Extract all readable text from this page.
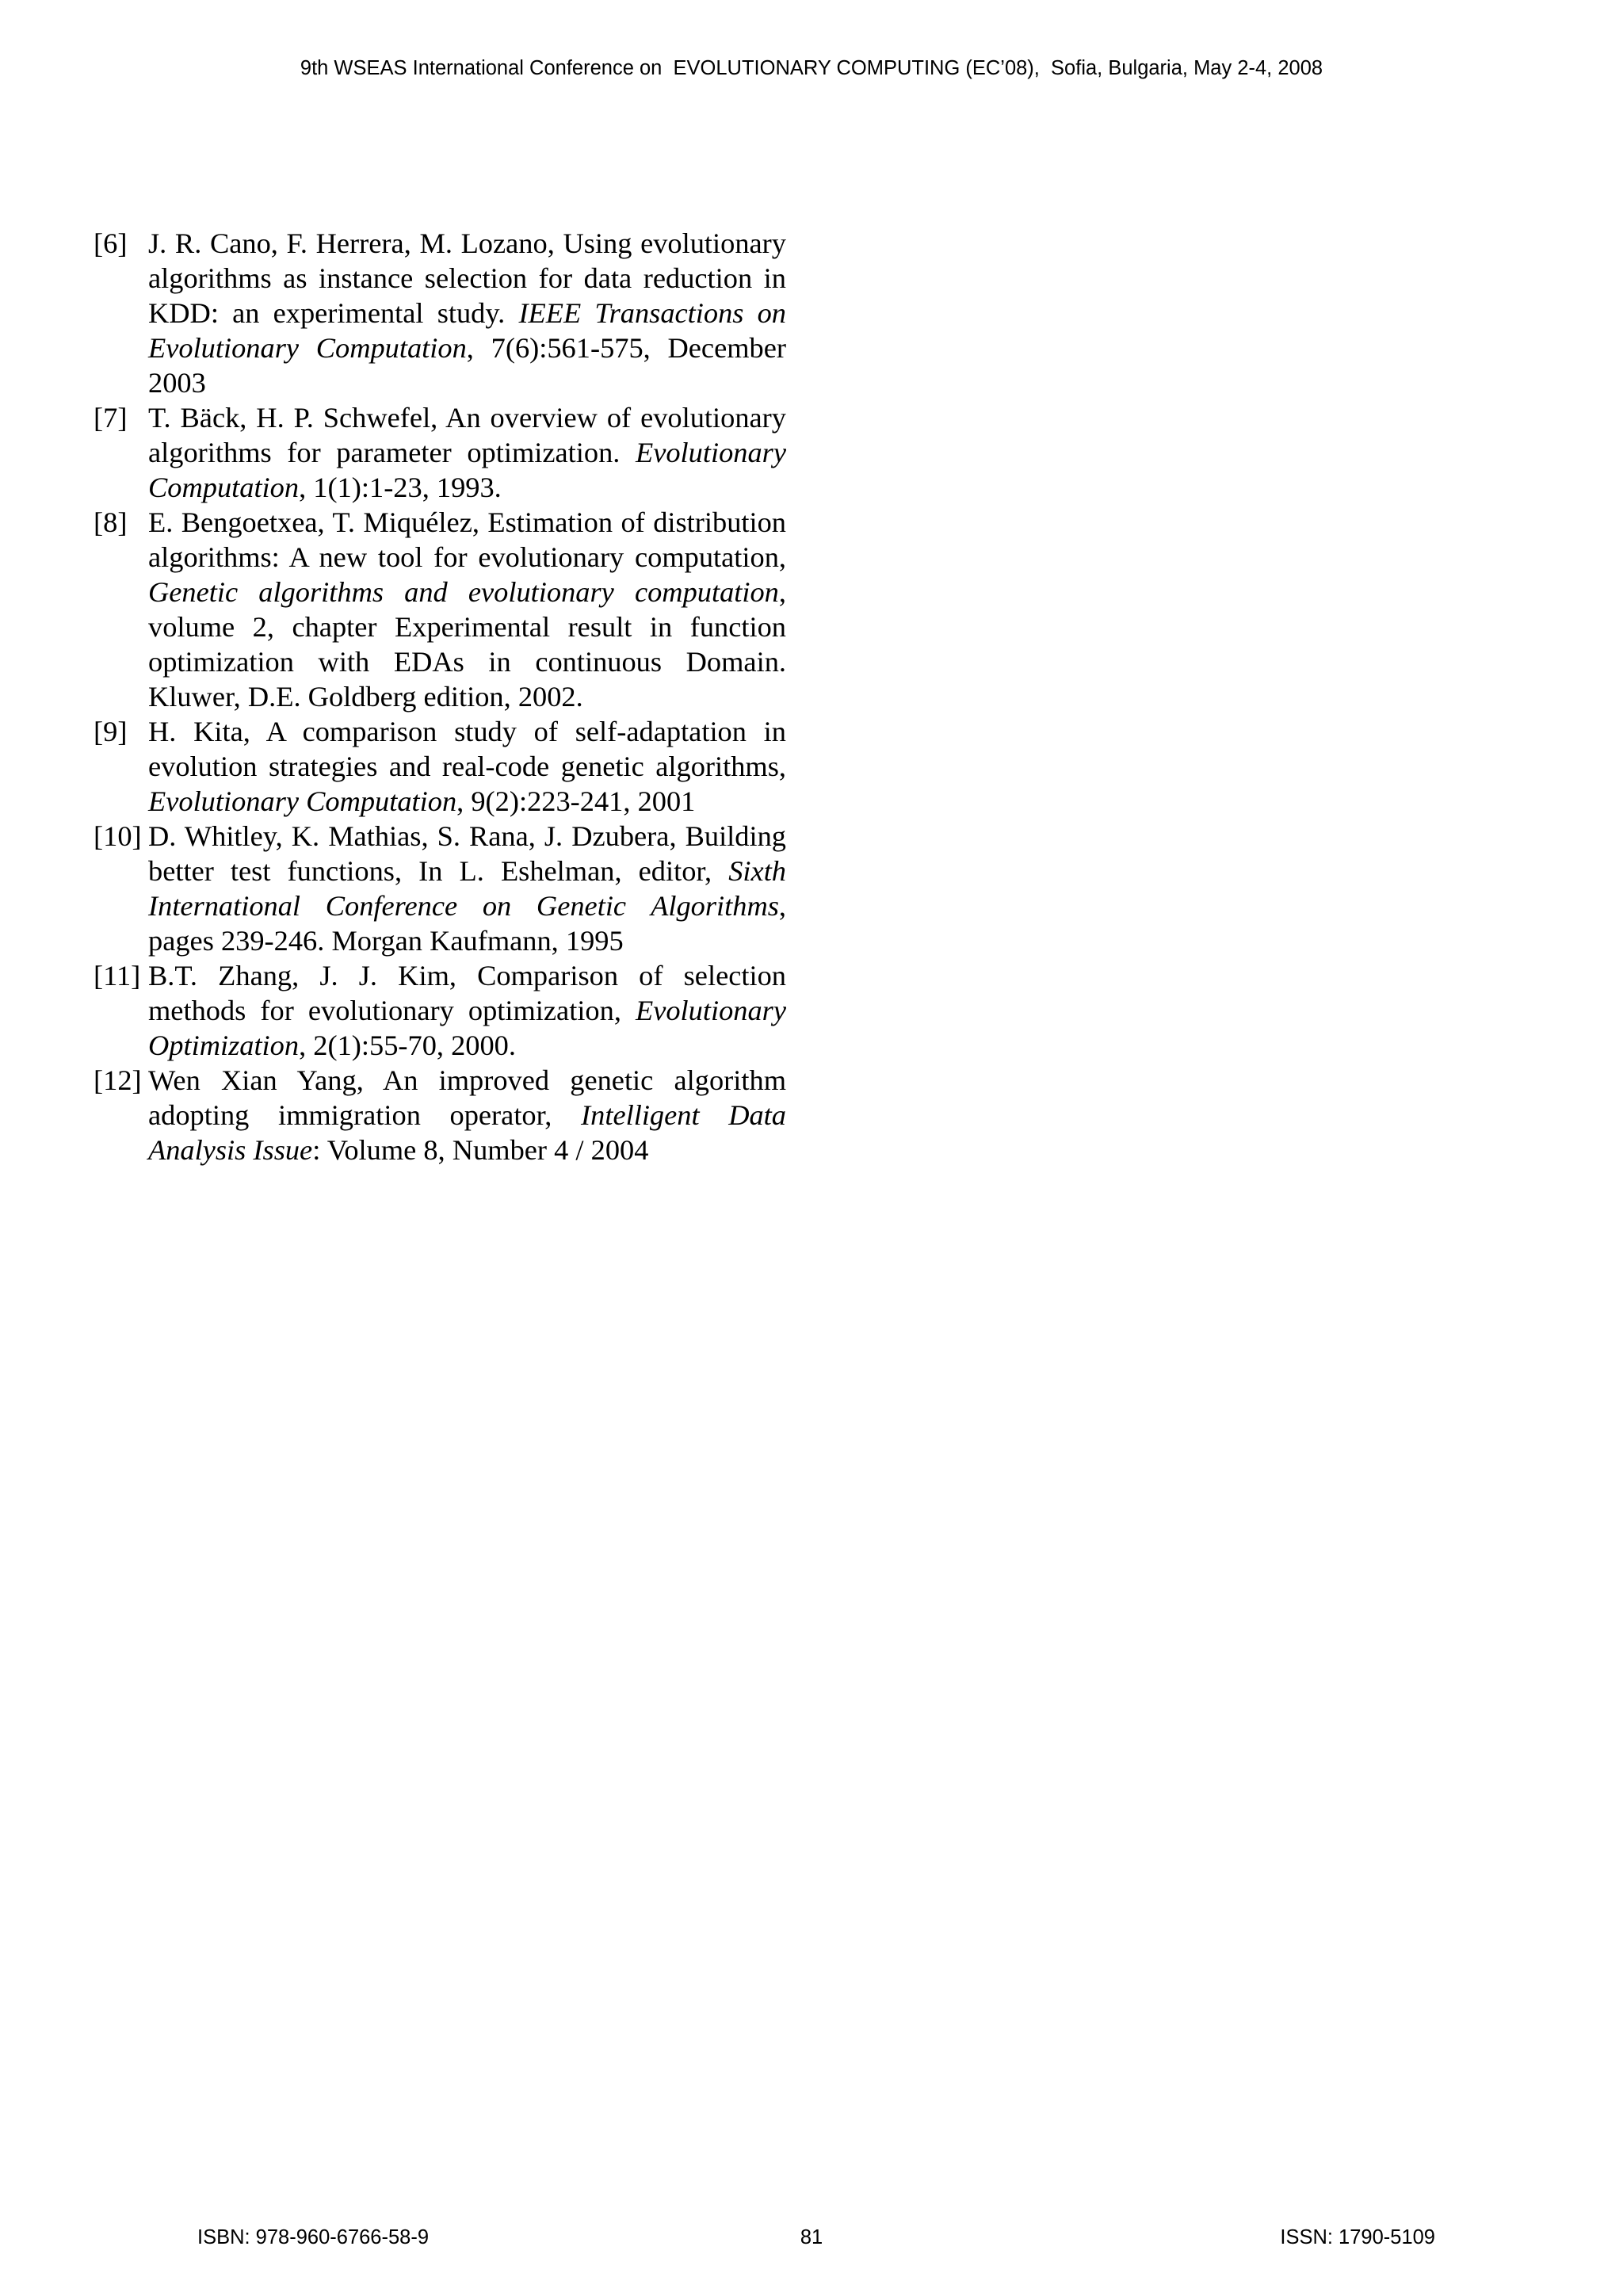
9th WSEAS International Conference on  EVOLUTIONARY COMPUTING (EC’08),  Sofia, Bulgaria, May 2-4, 2008
[6] J. R. Cano, F. Herrera, M. Lozano, Using evolutionary algorithms as instance selection for data reduction in KDD: an experimental study. IEEE Transactions on Evolutionary Computation, 7(6):561-575, December 2003
[7] T. Bäck, H. P. Schwefel, An overview of evolutionary algorithms for parameter optimization. Evolutionary Computation, 1(1):1-23, 1993.
[8] E. Bengoetxea, T. Miquélez, Estimation of distribution algorithms: A new tool for evolutionary computation, Genetic algorithms and evolutionary computation, volume 2, chapter Experimental result in function optimization with EDAs in continuous Domain. Kluwer, D.E. Goldberg edition, 2002.
[9] H. Kita, A comparison study of self-adaptation in evolution strategies and real-code genetic algorithms, Evolutionary Computation, 9(2):223-241, 2001
[10] D. Whitley, K. Mathias, S. Rana, J. Dzubera, Building better test functions, In L. Eshelman, editor, Sixth International Conference on Genetic Algorithms, pages 239-246. Morgan Kaufmann, 1995
[11] B.T. Zhang, J. J. Kim, Comparison of selection methods for evolutionary optimization, Evolutionary Optimization, 2(1):55-70, 2000.
[12] Wen Xian Yang, An improved genetic algorithm adopting immigration operator, Intelligent Data Analysis Issue: Volume 8, Number 4 / 2004
ISBN: 978-960-6766-58-9	81	ISSN: 1790-5109
